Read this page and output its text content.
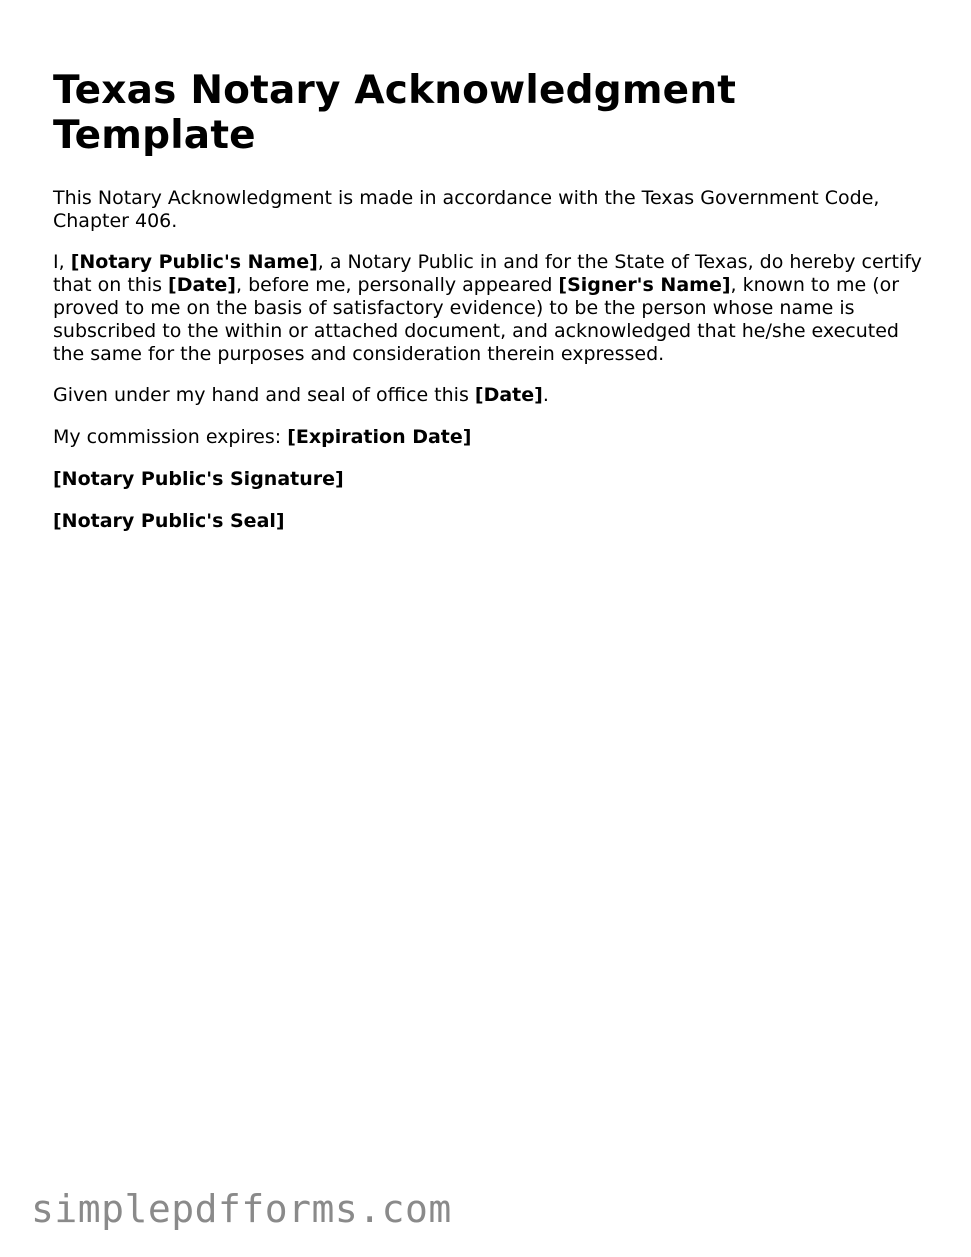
Texas Notary Acknowledgment Template

This Notary Acknowledgment is made in accordance with the Texas Government Code, Chapter 406.

I, [Notary Public's Name], a Notary Public in and for the State of Texas, do hereby certify that on this [Date], before me, personally appeared [Signer's Name], known to me (or proved to me on the basis of satisfactory evidence) to be the person whose name is subscribed to the within or attached document, and acknowledged that he/she executed the same for the purposes and consideration therein expressed.

Given under my hand and seal of office this [Date].

My commission expires: [Expiration Date]

[Notary Public's Signature]

[Notary Public's Seal]

simplepdfforms.com
